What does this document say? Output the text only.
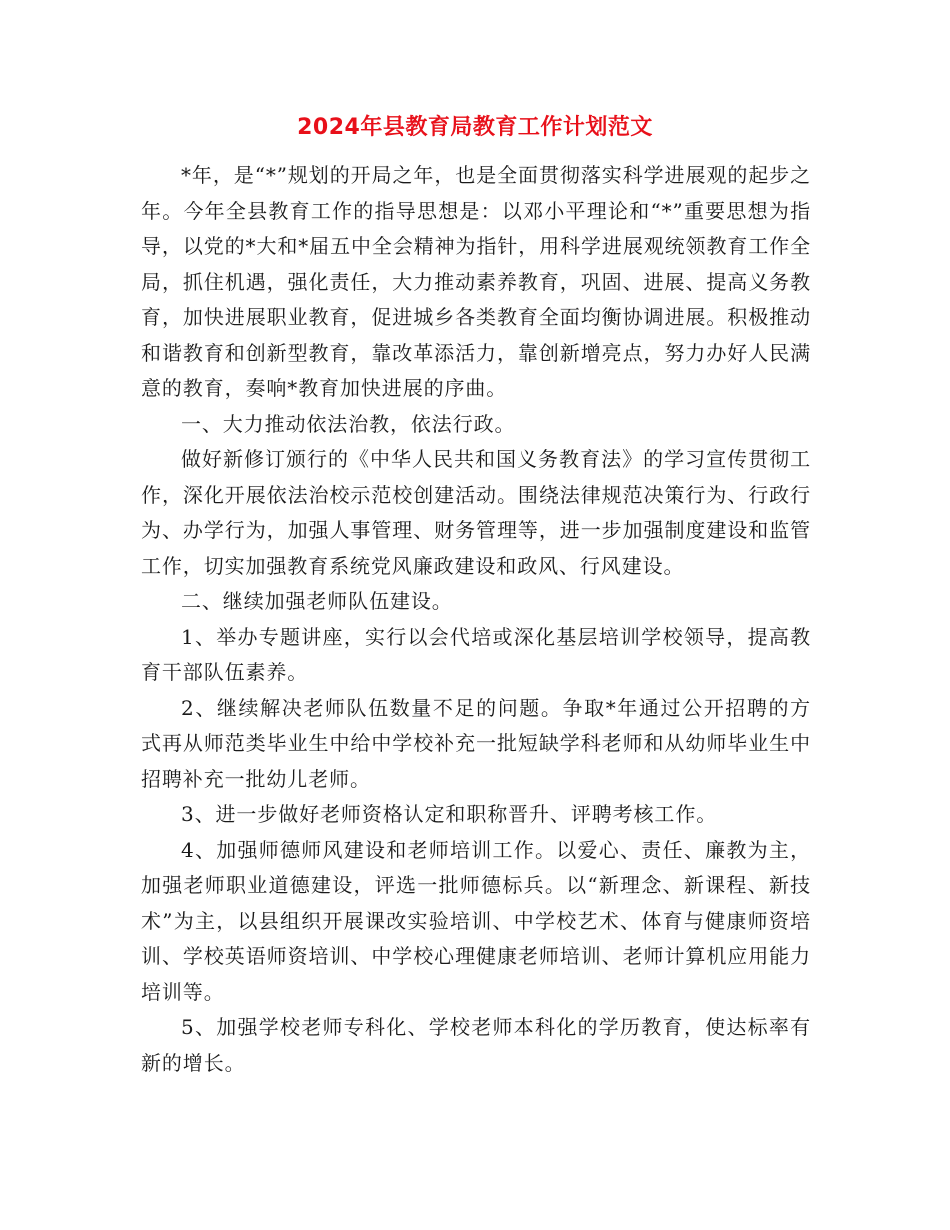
2024年县教育局教育工作计划范文

*年，是“*”规划的开局之年，也是全面贯彻落实科学进展观的起步之年。今年全县教育工作的指导思想是：以邓小平理论和“*”重要思想为指导，以党的*大和*届五中全会精神为指针，用科学进展观统领教育工作全局，抓住机遇，强化责任，大力推动素养教育，巩固、进展、提高义务教育，加快进展职业教育，促进城乡各类教育全面均衡协调进展。积极推动和谐教育和创新型教育，靠改革添活力，靠创新增亮点，努力办好人民满意的教育，奏响*教育加快进展的序曲。

一、大力推动依法治教，依法行政。

做好新修订颁行的《中华人民共和国义务教育法》的学习宣传贯彻工作，深化开展依法治校示范校创建活动。围绕法律规范决策行为、行政行为、办学行为，加强人事管理、财务管理等，进一步加强制度建设和监管工作，切实加强教育系统党风廉政建设和政风、行风建设。

二、继续加强老师队伍建设。

1、举办专题讲座，实行以会代培或深化基层培训学校领导，提高教育干部队伍素养。

2、继续解决老师队伍数量不足的问题。争取*年通过公开招聘的方式再从师范类毕业生中给中学校补充一批短缺学科老师和从幼师毕业生中招聘补充一批幼儿老师。

3、进一步做好老师资格认定和职称晋升、评聘考核工作。

4、加强师德师风建设和老师培训工作。以爱心、责任、廉教为主，加强老师职业道德建设，评选一批师德标兵。以“新理念、新课程、新技术”为主，以县组织开展课改实验培训、中学校艺术、体育与健康师资培训、学校英语师资培训、中学校心理健康老师培训、老师计算机应用能力培训等。

5、加强学校老师专科化、学校老师本科化的学历教育，使达标率有新的增长。
